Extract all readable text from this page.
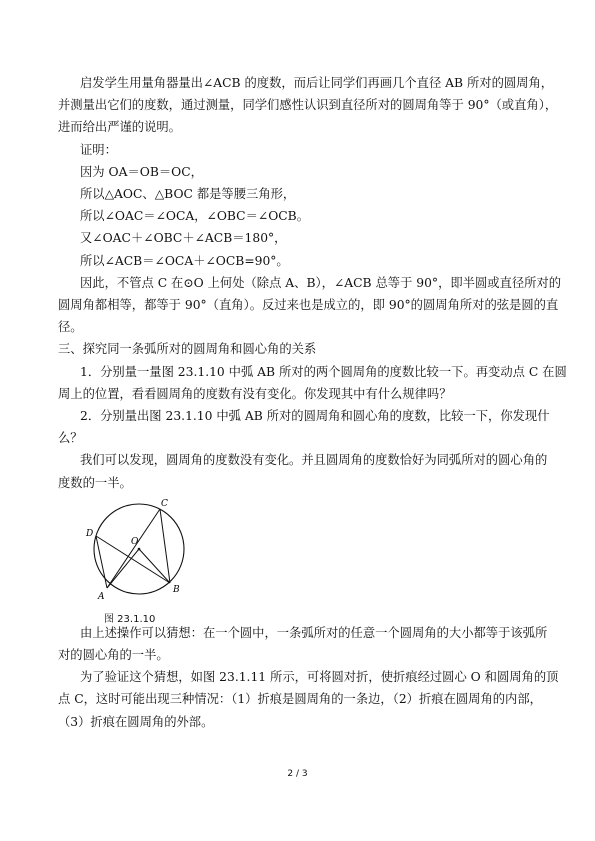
启发学生用量角器量出∠ACB 的度数，而后让同学们再画几个直径 AB 所对的圆周角，

并测量出它们的度数，通过测量，同学们感性认识到直径所对的圆周角等于 90°（或直角），

进而给出严谨的说明。

证明：

因为 OA＝OB＝OC，

所以△AOC、△BOC 都是等腰三角形，

所以∠OAC＝∠OCA，∠OBC＝∠OCB。

又∠OAC＋∠OBC＋∠ACB＝180°，

所以∠ACB＝∠OCA＋∠OCB=90°。

因此，不管点 C 在⊙O 上何处（除点 A、B），∠ACB 总等于 90°，即半圆或直径所对的

圆周角都相等，都等于 90°（直角）。反过来也是成立的，即 90°的圆周角所对的弦是圆的直

径。

三、探究同一条弧所对的圆周角和圆心角的关系

1．分别量一量图 23.1.10 中弧 AB 所对的两个圆周角的度数比较一下。再变动点 C 在圆

周上的位置，看看圆周角的度数有没有变化。你发现其中有什么规律吗？

2．分别量出图 23.1.10 中弧 AB 所对的圆周角和圆心角的度数，比较一下，你发现什

么？

我们可以发现，圆周角的度数没有变化。并且圆周角的度数恰好为同弧所对的圆心角的

度数的一半。

C
D
O
A
B
图 23.1.10

由上述操作可以猜想：在一个圆中，一条弧所对的任意一个圆周角的大小都等于该弧所

对的圆心角的一半。

为了验证这个猜想，如图 23.1.11 所示，可将圆对折，使折痕经过圆心 O 和圆周角的顶

点 C，这时可能出现三种情况：（1）折痕是圆周角的一条边，（2）折痕在圆周角的内部，

（3）折痕在圆周角的外部。

2 / 3
